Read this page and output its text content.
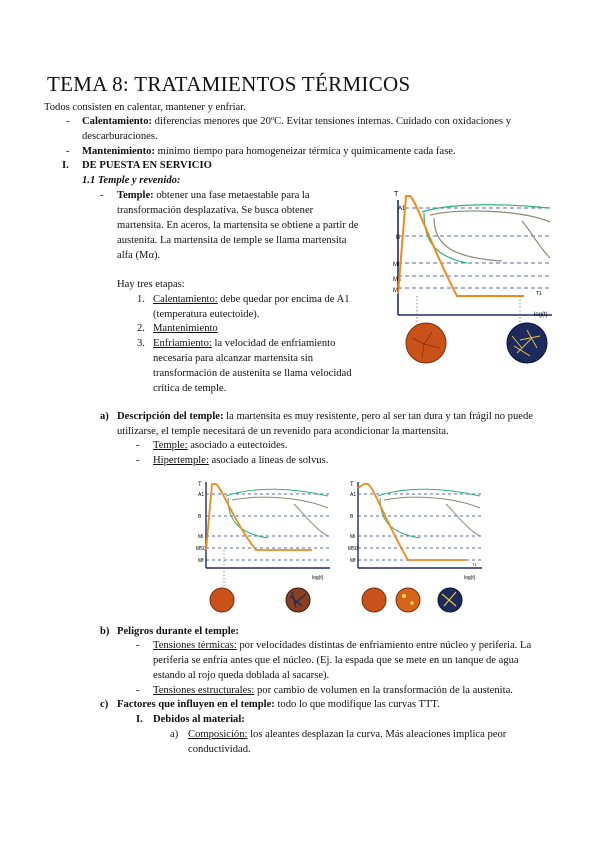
TEMA 8: TRATAMIENTOS TÉRMICOS
Todos consisten en calentar, mantener y enfriar.
- Calentamiento: diferencias menores que 20ºC. Evitar tensiones internas. Cuidado con oxidaciones y
descarburaciones.
- Mantenimiento: mínimo tiempo para homogeneizar térmica y químicamente cada fase.
I. DE PUESTA EN SERVICIO
1.1 Temple y revenido:
- Temple: obtener una fase metaestable para la
transformación desplazativa. Se busca obtener
martensita. En aceros, la martensita se obtiene a partir de
austenita. La martensita de temple se llama martensita
alfa (Mα).
Hay tres etapas:
1. Calentamiento: debe quedar por encima de A1
(temperatura eutectoide).
2. Mantenimiento
3. Enfriamiento: la velocidad de enfriamiento
necesaria para alcanzar martensita sin
transformación de austenita se llama velocidad
crítica de temple.
T
A1
B
Mi
Ms
Mf
log(t)
T1
a) Descripción del temple: la martensita es muy resistente, pero al ser tan dura y tan frágil no puede
utilizarse, el temple necesitará de un revenido para acondicionar la martensita.
- Temple: asociado a eutectoides.
- Hipertemple: asociado a líneas de solvus.
T
A1
B
Mi
M50
Mf
log(t)
T
A1
B
Mi
M50
Mf
log(t)
T1
b) Peligros durante el temple:
- Tensiones térmicas: por velocidades distintas de enfriamiento entre núcleo y periferia. La
periferia se enfría antes que el núcleo. (Ej. la espada que se mete en un tanque de agua
estando al rojo queda doblada al sacarse).
- Tensiones estructurales: por cambio de volumen en la transformación de la austenita.
c) Factores que influyen en el temple: todo lo que modifique las curvas TTT.
I. Debidos al material:
a) Composición: los aleantes desplazan la curva. Más aleaciones implica peor
conductividad.
